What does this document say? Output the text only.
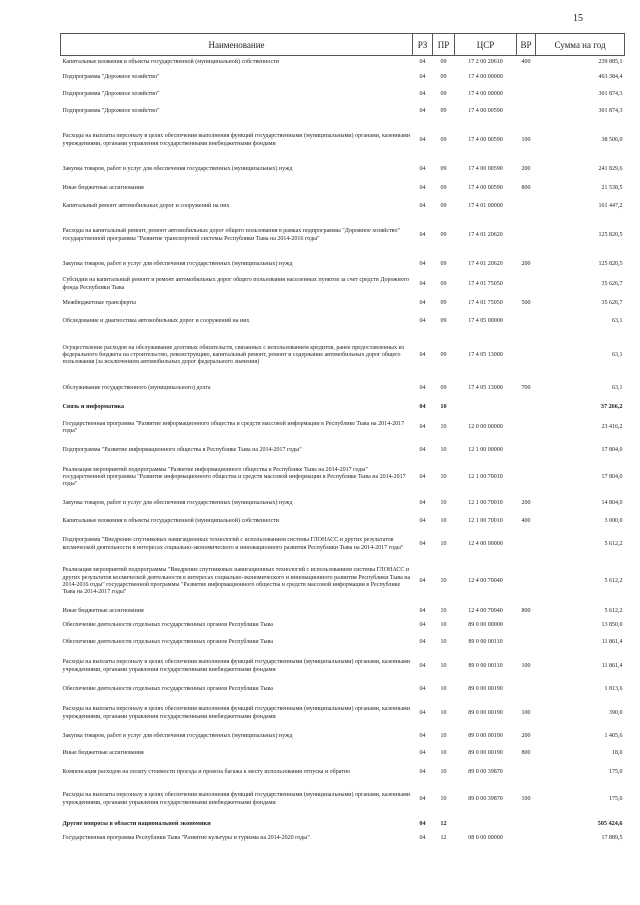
15
Наименование	РЗ	ПР	ЦСР	ВР	Сумма на год
Капитальные вложения в объекты государственной (муниципальной) собственности	04	09	17 2 00 20610	400	239 885,1
Подпрограмма "Дорожное хозяйство"	04	09	17 4 00 00000		463 384,4
Подпрограмма "Дорожное хозяйство"	04	09	17 4 00 00000		301 874,3
Подпрограмма "Дорожное хозяйство"	04	09	17 4 00 00590		301 874,3
Расходы на выплаты персоналу в целях обеспечения выполнения функций государственными (муниципальными) органами, казенными учреждениями, органами управления государственными внебюджетными фондами	04	09	17 4 00 00590	100	38 506,0
Закупка товаров, работ и услуг для обеспечения государственных (муниципальных) нужд	04	09	17 4 00 00590	200	241 829,6
Иные бюджетные ассигнования	04	09	17 4 00 00590	800	21 538,5
Капитальный ремонт автомобильных дорог и сооружений на них	04	09	17 4 01 00000		161 447,2
Расходы на капитальный ремонт, ремонт автомобильных дорог общего пользования в рамках подпрограммы "Дорожное хозяйство" государственной программы "Развитие транспортной системы Республики Тыва на 2014-2016 годы"	04	09	17 4 01 20620		125 820,5
Закупка товаров, работ и услуг для обеспечения государственных (муниципальных) нужд	04	09	17 4 01 20620	200	125 820,5
Субсидии на капитальный ремонт и ремонт автомобильных дорог общего пользования населенных пунктов за счет средств Дорожного фонда Республики Тыва	04	09	17 4 01 75050		35 626,7
Межбюджетные трансферты	04	09	17 4 01 75050	500	35 626,7
Обследование и диагностика автомобильных дорог и сооружений на них	04	09	17 4 05 00000		63,1
Осуществление расходов на обслуживание долговых обязательств, связанных с использованием кредитов, ранее предоставленных из федерального бюджета на строительство, реконструкцию, капитальный ремонт, ремонт и содержание автомобильных дорог общего пользования (за исключением автомобильных дорог федерального значения)	04	09	17 4 05 13000		63,1
Обслуживание государственного (муниципального) долга	04	09	17 4 05 13000	700	63,1
Связь и информатика	04	10			37 266,2
Государственная программа "Развитие информационного общества и средств массовой информации в Республике Тыва на 2014-2017 годы"	04	10	12 0 00 00000		23 416,2
Подпрограмма "Развитие информационного общества в Республике Тыва на 2014-2017 годы"	04	10	12 1 00 00000		17 804,0
Реализация мероприятий подпрограммы "Развитие информационного общества в Республике Тыва на 2014-2017 годы" государственной программы "Развитие информационного общества и средств массовой информации в Республике Тыва на 2014-2017 годы"	04	10	12 1 00 70010		17 804,0
Закупка товаров, работ и услуг для обеспечения государственных (муниципальных) нужд	04	10	12 1 00 70010	200	14 804,0
Капитальные вложения в объекты государственной (муниципальной) собственности	04	10	12 1 00 70010	400	3 000,0
Подпрограмма "Внедрение спутниковых навигационных технологий с использованием системы ГЛОНАСС и других результатов космической деятельности в интересах социально-экономического и инновационного развития Республики Тыва на 2014-2017 годы"	04	10	12 4 00 00000		5 612,2
Реализация мероприятий подпрограммы "Внедрение спутниковых навигационных технологий с использованием системы ГЛОНАСС и других результатов космической деятельности в интересах социально-экономического и инновационного развития Республики Тыва на 2014-2016 годы" государственной программы "Развитие информационного общества и средств массовой информации в Республике Тыва на 2014-2017 годы"	04	10	12 4 00 70040		5 612,2
Иные бюджетные ассигнования	04	10	12 4 00 70040	800	5 612,2
Обеспечение деятельности отдельных государственных органов Республики Тыва	04	10	89 0 00 00000		13 850,0
Обеспечение деятельности отдельных государственных органов Республики Тыва	04	10	89 0 00 00110		11 861,4
Расходы на выплаты персоналу в целях обеспечения выполнения функций государственными (муниципальными) органами, казенными учреждениями, органами управления государственными внебюджетными фондами	04	10	89 0 00 00110	100	11 861,4
Обеспечение деятельности отдельных государственных органов Республики Тыва	04	10	89 0 00 00190		1 813,6
Расходы на выплаты персоналу в целях обеспечения выполнения функций государственными (муниципальными) органами, казенными учреждениями, органами управления государственными внебюджетными фондами	04	10	89 0 00 00190	100	390,0
Закупка товаров, работ и услуг для обеспечения государственных (муниципальных) нужд	04	10	89 0 00 00190	200	1 405,6
Иные бюджетные ассигнования	04	10	89 0 00 00190	800	18,0
Компенсация расходов на оплату стоимости проезда и провоза багажа к месту использования отпуска и обратно	04	10	89 0 00 39870		175,0
Расходы на выплаты персоналу в целях обеспечения выполнения функций государственными (муниципальными) органами, казенными учреждениями, органами управления государственными внебюджетными фондами	04	10	89 0 00 39870	100	175,0
Другие вопросы в области национальной экономики	04	12			505 424,6
Государственная программа Республики Тыва "Развитие культуры и туризма на 2014-2020 годы"	04	12	08 0 00 00000		17 889,5
